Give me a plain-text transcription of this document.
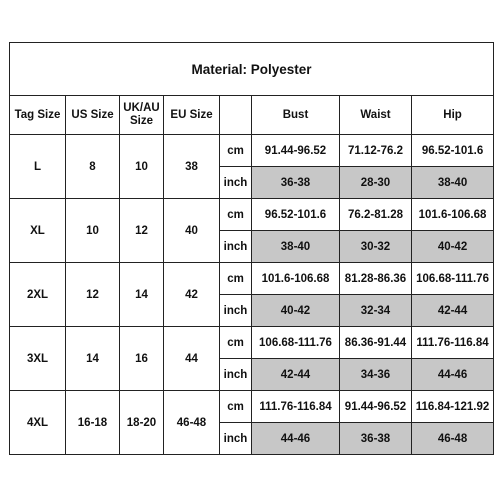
Material: Polyester							
Tag Size	US Size	UK/AU Size	EU Size		Bust	Waist	Hip
L	8	10	38	cm	91.44-96.52	71.12-76.2	96.52-101.6
				inch	36-38	28-30	38-40
XL	10	12	40	cm	96.52-101.6	76.2-81.28	101.6-106.68
				inch	38-40	30-32	40-42
2XL	12	14	42	cm	101.6-106.68	81.28-86.36	106.68-111.76
				inch	40-42	32-34	42-44
3XL	14	16	44	cm	106.68-111.76	86.36-91.44	111.76-116.84
				inch	42-44	34-36	44-46
4XL	16-18	18-20	46-48	cm	111.76-116.84	91.44-96.52	116.84-121.92
				inch	44-46	36-38	46-48
